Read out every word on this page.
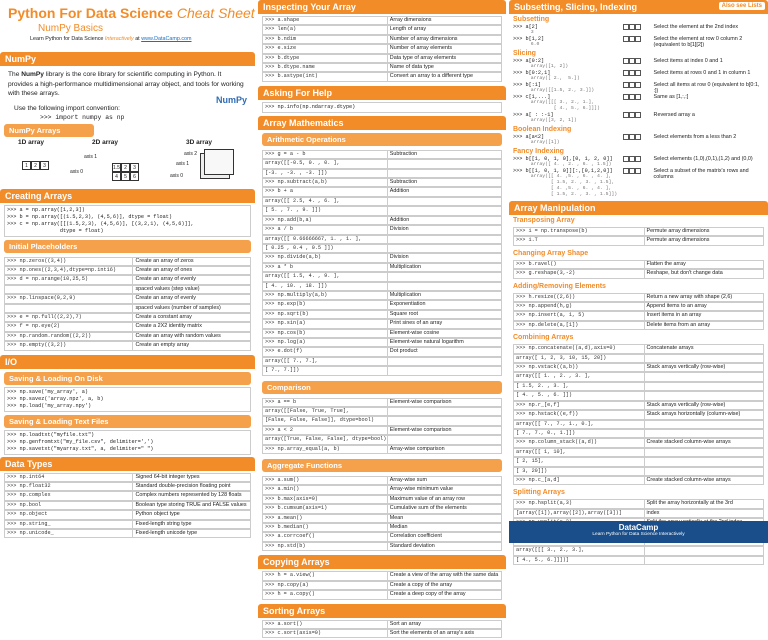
Python For Data Science Cheat Sheet
NumPy Basics
Learn Python for Data Science Interactively at www.DataCamp.com
NumPy
The NumPy library is the core library for scientific computing in Python. It provides a high-performance multidimensional array object, and tools for working with these arrays.
Use the following import convention:
>>> import numpy as np
NumPy
NumPy Arrays
1D array	2D array	3D array
1	2	3
axis 1
axis 0
1.5 2	3
4	5	6
axis 2
axis 1
axis 0
Creating Arrays
>>> a = np.array([1,2,3])
>>> b = np.array([(1.5,2,3), (4,5,6)], dtype = float)
>>> c = np.array([[(1.5,2,3), (4,5,6)], [(3,2,1), (4,5,6)]],
dtype = float)
Initial Placeholders
>>> np.zeros((3,4))	Create an array of zeros
>>> np.ones((2,3,4),dtype=np.int16)	Create an array of ones
>>> d = np.arange(10,25,5)	Create an array of evenly
spaced values (step value)
>>> np.linspace(0,2,9)	Create an array of evenly
spaced values (number of samples)
>>> e = np.full((2,2),7)	Create a constant array
>>> f = np.eye(2)	Create a 2X2 identity matrix
>>> np.random.random((2,2))	Create an array with random values
>>> np.empty((3,2))	Create an empty array
I/O
Saving & Loading On Disk
>>> np.save('my_array', a)
>>> np.savez('array.npz', a, b)
>>> np.load('my_array.npy')
Saving & Loading Text Files
>>> np.loadtxt("myfile.txt")
>>> np.genfromtxt("my_file.csv", delimiter=',')
>>> np.savetxt("myarray.txt", a, delimiter=" ")
Data Types
>>> np.int64	Signed 64-bit integer types
>>> np.float32	Standard double-precision floating point
>>> np.complex	Complex numbers represented by 128 floats
>>> np.bool	Boolean type storing TRUE and FALSE values
>>> np.object	Python object type
>>> np.string_	Fixed-length string type
>>> np.unicode_	Fixed-length unicode type
Inspecting Your Array
>>> a.shape	Array dimensions
>>> len(a)	Length of array
>>> b.ndim	Number of array dimensions
>>> e.size	Number of array elements
>>> b.dtype	Data type of array elements
>>> b.dtype.name	Name of data type
>>> b.astype(int)	Convert an array to a different type
Asking For Help
>>> np.info(np.ndarray.dtype)
Array Mathematics
Arithmetic Operations
>>> g = a - b	Subtraction
array([[-0.5, 0. , 0. ],
[-3. , -3. , -3. ]])
>>> np.subtract(a,b)	Subtraction
>>> b + a	Addition
array([[ 2.5, 4. , 6. ],
[ 5. , 7. , 9. ]])
>>> np.add(b,a)	Addition
>>> a / b	Division
array([[ 0.66666667, 1. , 1. ],
[ 0.25 , 0.4 , 0.5 ]])
>>> np.divide(a,b)	Division
>>> a * b	Multiplication
array([[ 1.5, 4. , 9. ],
[ 4. , 10. , 18. ]])
>>> np.multiply(a,b)	Multiplication
>>> np.exp(b)	Exponentiation
>>> np.sqrt(b)	Square root
>>> np.sin(a)	Print sines of an array
>>> np.cos(b)	Element-wise cosine
>>> np.log(a)	Element-wise natural logarithm
>>> e.dot(f)	Dot product
array([[ 7., 7.],
[ 7., 7.]])
Comparison
>>> a == b	Element-wise comparison
array([[False, True, True],
[False, False, False]], dtype=bool)
>>> a < 2	Element-wise comparison
array([True, False, False], dtype=bool)
>>> np.array_equal(a, b)	Array-wise comparison
Aggregate Functions
>>> a.sum()	Array-wise sum
>>> a.min()	Array-wise minimum value
>>> b.max(axis=0)	Maximum value of an array row
>>> b.cumsum(axis=1)	Cumulative sum of the elements
>>> a.mean()	Mean
>>> b.median()	Median
>>> a.corrcoef()	Correlation coefficient
>>> np.std(b)	Standard deviation
Copying Arrays
>>> h = a.view()	Create a view of the array with the same data
>>> np.copy(a)	Create a copy of the array
>>> h = a.copy()	Create a deep copy of the array
Sorting Arrays
>>> a.sort()	Sort an array
>>> c.sort(axis=0)	Sort the elements of an array's axis
Subsetting, Slicing, Indexing	Also see Lists
Subsetting
>>> a[2]
3
Select the element at the 2nd index
>>> b[1,2]
6.0
Select the element at row 0 column 2 (equivalent to b[1][2])
Slicing
>>> a[0:2]
array([1, 2])
Select items at index 0 and 1
>>> b[0:2,1]
array([ 2.,  5.])
Select items at rows 0 and 1 in column 1
>>> b[:1]
array([[1.5, 2., 3.]])
Select all items at row 0 (equivalent to b[0:1, :])
>>> c[1,...]
array([[[ 3., 2., 1.],
[ 4., 5., 6.]]])
Same as [1,:,:]
>>> a[ : :-1]
array([3, 2, 1])
Reversed array a
Boolean Indexing
>>> a[a<2]
array([1])
Select elements from a less than 2
Fancy Indexing
>>> b[[1, 0, 1, 0],[0, 1, 2, 0]]
array([ 4. , 2. , 6. , 1.5])
Select elements (1,0),(0,1),(1,2) and (0,0)
>>> b[[1, 0, 1, 0]][:,[0,1,2,0]]
array([[ 4. ,5. , 6. , 4. ],
[ 1.5, 2. , 3. , 1.5],
[ 4. ,5. , 6. , 4. ],
[ 1.5, 2. , 3. , 1.5]])
Select a subset of the matrix's rows and columns
Array Manipulation
Transposing Array
>>> i = np.transpose(b)	Permute array dimensions
>>> i.T	Permute array dimensions
Changing Array Shape
>>> b.ravel()	Flatten the array
>>> g.reshape(3,-2)	Reshape, but don't change data
Adding/Removing Elements
>>> h.resize((2,6))	Return a new array with shape (2,6)
>>> np.append(h,g)	Append items to an array
>>> np.insert(a, 1, 5)	Insert items in an array
>>> np.delete(a,[1])	Delete items from an array
Combining Arrays
>>> np.concatenate((a,d),axis=0)	Concatenate arrays
array([ 1, 2, 3, 10, 15, 20])
>>> np.vstack((a,b))	Stack arrays vertically (row-wise)
array([[ 1. , 2. , 3. ],
[ 1.5, 2. , 3. ],
[ 4. , 5. , 6. ]])
>>> np.r_[e,f]	Stack arrays vertically (row-wise)
>>> np.hstack((e,f))	Stack arrays horizontally (column-wise)
array([[ 7., 7., 1., 0.],
[ 7., 7., 0., 1.]])
>>> np.column_stack((a,d))	Create stacked column-wise arrays
array([[ 1, 10],
[ 2, 15],
[ 3, 20]])
>>> np.c_[a,d]	Create stacked column-wise arrays
Splitting Arrays
>>> np.hsplit(a,3)	Split the array horizontally at the 3rd
[array([1]),array([2]),array([3])]	index
array([[[ 3., 2., 3.],
[ 4., 5., 6.]]])]
DataCamp
Learn Python for Data Science Interactively
